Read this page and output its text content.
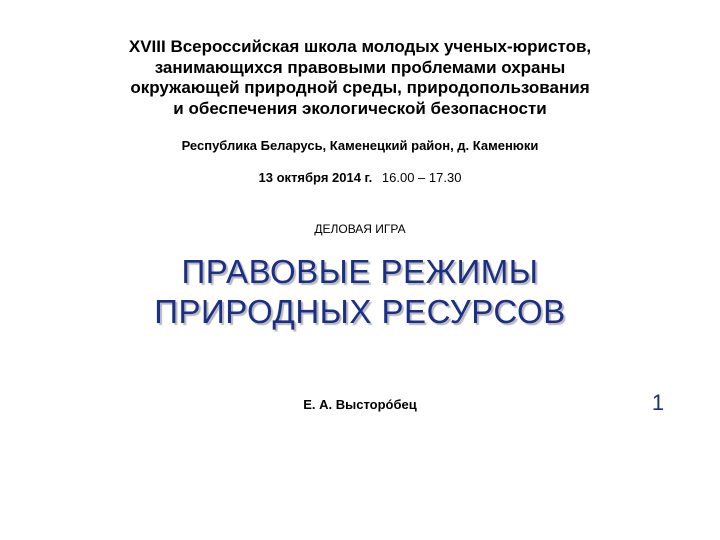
XVIII Всероссийская школа молодых ученых-юристов,
занимающихся правовыми проблемами охраны
окружающей природной среды, природопользования
и обеспечения экологической безопасности
Республика Беларусь, Каменецкий район, д. Каменюки
13 октября 2014 г. 16.00 – 17.30
ДЕЛОВАЯ ИГРА
ПРАВОВЫЕ РЕЖИМЫ
ПРИРОДНЫХ РЕСУРСОВ
Е. А. Высторóбец	1
